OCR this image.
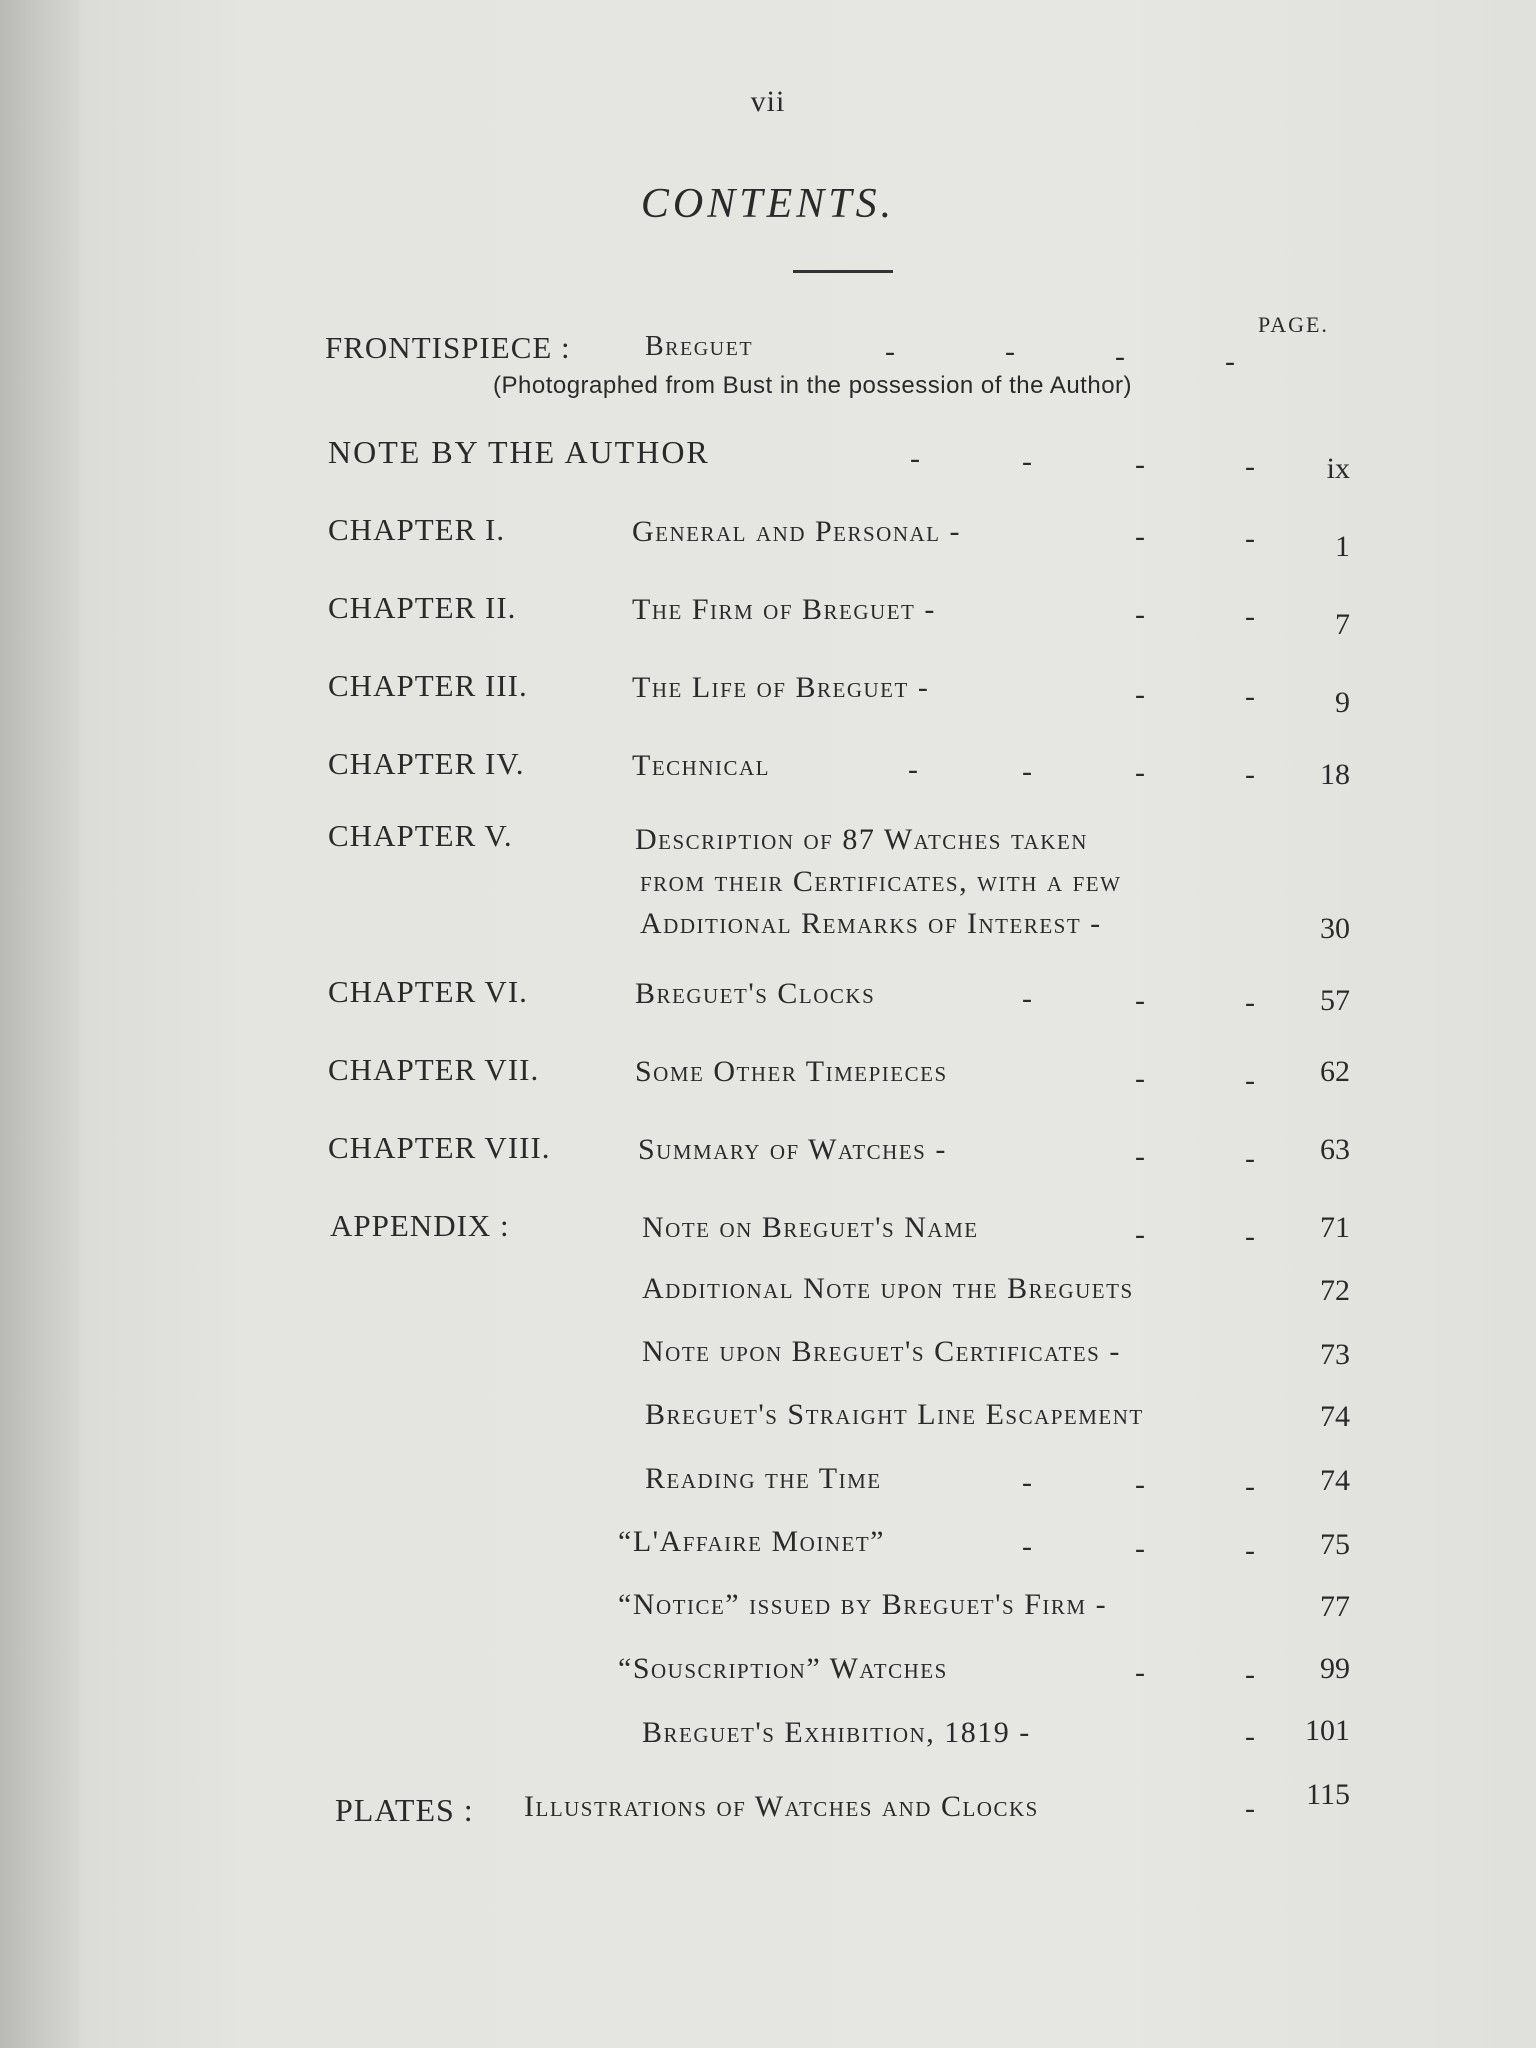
vii
CONTENTS.
PAGE.
FRONTISPIECE :	Breguet	-	-	-	-
(Photographed from Bust in the possession of the Author)
NOTE BY THE AUTHOR	-	-	-	-	ix
CHAPTER I.	General and Personal -	-	-	1
CHAPTER II.	The Firm of Breguet -	-	-	7
CHAPTER III.	The Life of Breguet -	-	-	9
CHAPTER IV.	Technical	-	-	-	-	18
CHAPTER V.	Description of 87 Watches taken
from their Certificates, with a few
Additional Remarks of Interest -	30
CHAPTER VI.	Breguet's Clocks	-	-	-	57
CHAPTER VII.	Some Other Timepieces	-	-	62
CHAPTER VIII.	Summary of Watches -	-	-	63
APPENDIX :	Note on Breguet's Name	-	-	71
Additional Note upon the Breguets	72
Note upon Breguet's Certificates -	73
Breguet's Straight Line Escapement	74
Reading the Time	-	-	-	74
“L'Affaire Moinet”	-	-	-	75
“Notice” issued by Breguet's Firm -	77
“Souscription” Watches	-	-	99
Breguet's Exhibition, 1819 -	- 101
PLATES : Illustrations of Watches and Clocks	- 115
